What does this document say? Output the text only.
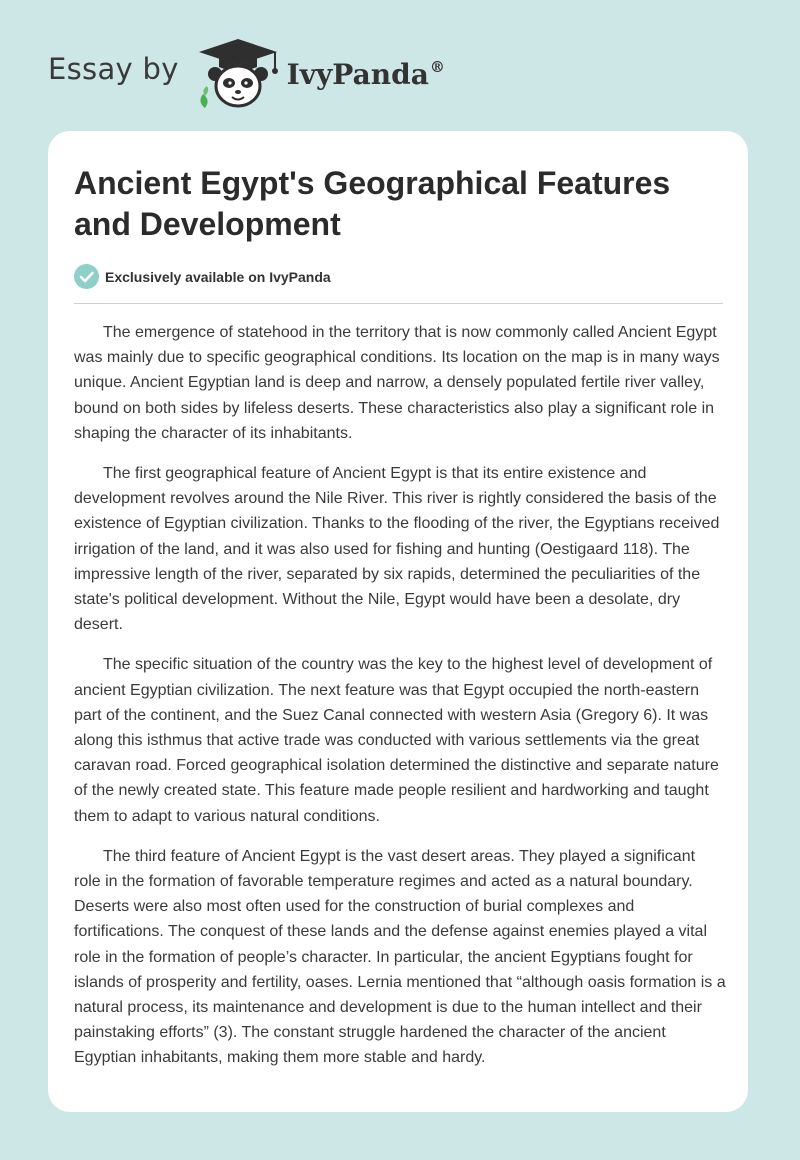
Essay by	IvyPanda®
Ancient Egypt's Geographical Features and Development
Exclusively available on IvyPanda

The emergence of statehood in the territory that is now commonly called Ancient Egypt was mainly due to specific geographical conditions. Its location on the map is in many ways unique. Ancient Egyptian land is deep and narrow, a densely populated fertile river valley, bound on both sides by lifeless deserts. These characteristics also play a significant role in shaping the character of its inhabitants.

The first geographical feature of Ancient Egypt is that its entire existence and development revolves around the Nile River. This river is rightly considered the basis of the existence of Egyptian civilization. Thanks to the flooding of the river, the Egyptians received irrigation of the land, and it was also used for fishing and hunting (Oestigaard 118). The impressive length of the river, separated by six rapids, determined the peculiarities of the state's political development. Without the Nile, Egypt would have been a desolate, dry desert.

The specific situation of the country was the key to the highest level of development of ancient Egyptian civilization. The next feature was that Egypt occupied the north-eastern part of the continent, and the Suez Canal connected with western Asia (Gregory 6). It was along this isthmus that active trade was conducted with various settlements via the great caravan road. Forced geographical isolation determined the distinctive and separate nature of the newly created state. This feature made people resilient and hardworking and taught them to adapt to various natural conditions.

The third feature of Ancient Egypt is the vast desert areas. They played a significant role in the formation of favorable temperature regimes and acted as a natural boundary. Deserts were also most often used for the construction of burial complexes and fortifications. The conquest of these lands and the defense against enemies played a vital role in the formation of people’s character. In particular, the ancient Egyptians fought for islands of prosperity and fertility, oases. Lernia mentioned that “although oasis formation is a natural process, its maintenance and development is due to the human intellect and their painstaking efforts” (3). The constant struggle hardened the character of the ancient Egyptian inhabitants, making them more stable and hardy.
